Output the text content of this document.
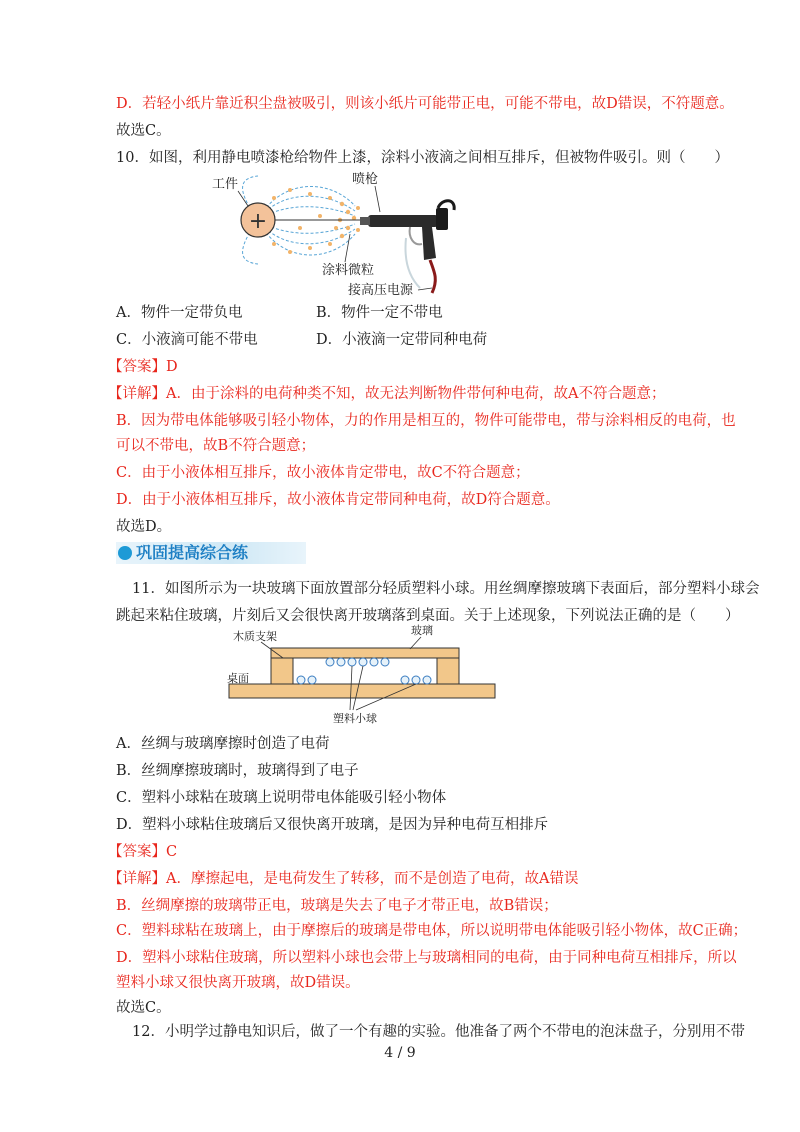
D．若轻小纸片靠近积尘盘被吸引，则该小纸片可能带正电，可能不带电，故D错误，不符题意。
故选C。
10．如图，利用静电喷漆枪给物件上漆，涂料小液滴之间相互排斥，但被物件吸引。则（　　）
+
工件	喷枪
涂料微粒
接高压电源
A．物件一定带负电	B．物件一定不带电
C．小液滴可能不带电	D．小液滴一定带同种电荷
【答案】D
【详解】A．由于涂料的电荷种类不知，故无法判断物件带何种电荷，故A不符合题意；
B．因为带电体能够吸引轻小物体，力的作用是相互的，物件可能带电，带与涂料相反的电荷，也
可以不带电，故B不符合题意；
C．由于小液体相互排斥，故小液体肯定带电，故C不符合题意；
D．由于小液体相互排斥，故小液体肯定带同种电荷，故D符合题意。
故选D。
巩固提高综合练
11．如图所示为一块玻璃下面放置部分轻质塑料小球。用丝绸摩擦玻璃下表面后，部分塑料小球会
跳起来粘住玻璃，片刻后又会很快离开玻璃落到桌面。关于上述现象，下列说法正确的是（　　）
木质支架	玻璃
桌面
塑料小球
A．丝绸与玻璃摩擦时创造了电荷
B．丝绸摩擦玻璃时，玻璃得到了电子
C．塑料小球粘在玻璃上说明带电体能吸引轻小物体
D．塑料小球粘住玻璃后又很快离开玻璃，是因为异种电荷互相排斥
【答案】C
【详解】A．摩擦起电，是电荷发生了转移，而不是创造了电荷，故A错误
B．丝绸摩擦的玻璃带正电，玻璃是失去了电子才带正电，故B错误；
C．塑料球粘在玻璃上，由于摩擦后的玻璃是带电体，所以说明带电体能吸引轻小物体，故C正确；
D．塑料小球粘住玻璃，所以塑料小球也会带上与玻璃相同的电荷，由于同种电荷互相排斥，所以
塑料小球又很快离开玻璃，故D错误。
故选C。
12．小明学过静电知识后，做了一个有趣的实验。他准备了两个不带电的泡沫盘子，分别用不带
4 / 9
